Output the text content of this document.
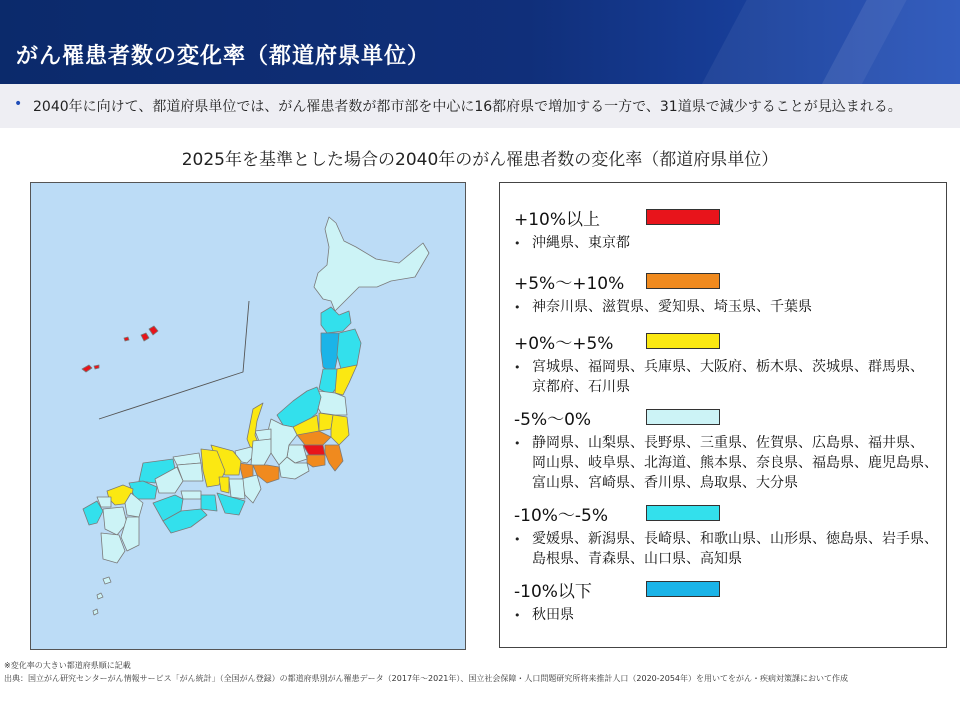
がん罹患者数の変化率（都道府県単位）
• 2040年に向けて、都道府県単位では、がん罹患者数が都市部を中心に16都府県で増加する一方で、31道県で減少することが見込まれる。
2025年を基準とした場合の2040年のがん罹患者数の変化率（都道府県単位）
+10%以上
• 沖縄県、東京都
+5%～+10%
• 神奈川県、滋賀県、愛知県、埼玉県、千葉県
+0%～+5%
• 宮城県、福岡県、兵庫県、大阪府、栃木県、茨城県、群馬県、
京都府、石川県
-5%～0%
• 静岡県、山梨県、長野県、三重県、佐賀県、広島県、福井県、
岡山県、岐阜県、北海道、熊本県、奈良県、福島県、鹿児島県、
富山県、宮崎県、香川県、鳥取県、大分県
-10%～-5%
• 愛媛県、新潟県、長崎県、和歌山県、山形県、徳島県、岩手県、
島根県、青森県、山口県、高知県
-10%以下
• 秋田県
※変化率の大きい都道府県順に記載
出典：国立がん研究センターがん情報サービス「がん統計」（全国がん登録）の都道府県別がん罹患データ（2017年～2021年）、国立社会保障・人口問題研究所将来推計人口（2020-2054年）を用いてをがん・疾病対策課において作成
